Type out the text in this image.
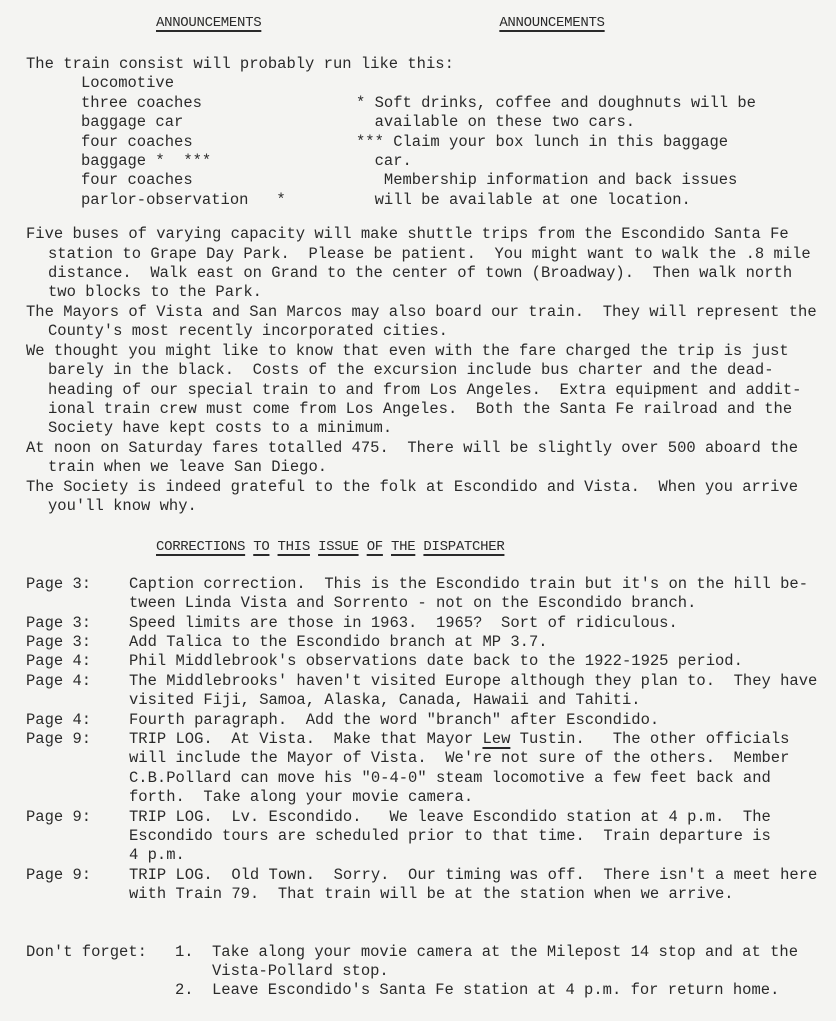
ANNOUNCEMENTS	ANNOUNCEMENTS
The train consist will probably run like this:
Locomotive
three coaches
baggage car
four coaches
baggage *  ***
four coaches
parlor-observation   *
* Soft drinks, coffee and doughnuts will be
available on these two cars.
*** Claim your box lunch in this baggage
car.
Membership information and back issues
will be available at one location.
Five buses of varying capacity will make shuttle trips from the Escondido Santa Fe
station to Grape Day Park.  Please be patient.  You might want to walk the .8 mile
distance.  Walk east on Grand to the center of town (Broadway).  Then walk north
two blocks to the Park.
The Mayors of Vista and San Marcos may also board our train.  They will represent the
County's most recently incorporated cities.
We thought you might like to know that even with the fare charged the trip is just
barely in the black.  Costs of the excursion include bus charter and the dead-
heading of our special train to and from Los Angeles.  Extra equipment and addit-
ional train crew must come from Los Angeles.  Both the Santa Fe railroad and the
Society have kept costs to a minimum.
At noon on Saturday fares totalled 475.  There will be slightly over 500 aboard the
train when we leave San Diego.
The Society is indeed grateful to the folk at Escondido and Vista.  When you arrive
you'll know why.
CORRECTIONS TO THIS ISSUE OF THE DISPATCHER
Page 3:	Caption correction.  This is the Escondido train but it's on the hill be-
tween Linda Vista and Sorrento - not on the Escondido branch.
Page 3:	Speed limits are those in 1963.  1965?  Sort of ridiculous.
Page 3:	Add Talica to the Escondido branch at MP 3.7.
Page 4:	Phil Middlebrook's observations date back to the 1922-1925 period.
Page 4:	The Middlebrooks' haven't visited Europe although they plan to.  They have
visited Fiji, Samoa, Alaska, Canada, Hawaii and Tahiti.
Page 4:	Fourth paragraph.  Add the word "branch" after Escondido.
Page 9:	TRIP LOG.  At Vista.  Make that Mayor Lew Tustin.   The other officials
will include the Mayor of Vista.  We're not sure of the others.  Member
C.B.Pollard can move his "0-4-0" steam locomotive a few feet back and
forth.  Take along your movie camera.
Page 9:	TRIP LOG.  Lv. Escondido.   We leave Escondido station at 4 p.m.  The
Escondido tours are scheduled prior to that time.  Train departure is
4 p.m.
Page 9:	TRIP LOG.  Old Town.  Sorry.  Our timing was off.  There isn't a meet here
with Train 79.  That train will be at the station when we arrive.
Don't forget:	1.	Take along your movie camera at the Milepost 14 stop and at the
Vista-Pollard stop.
2.	Leave Escondido's Santa Fe station at 4 p.m. for return home.
